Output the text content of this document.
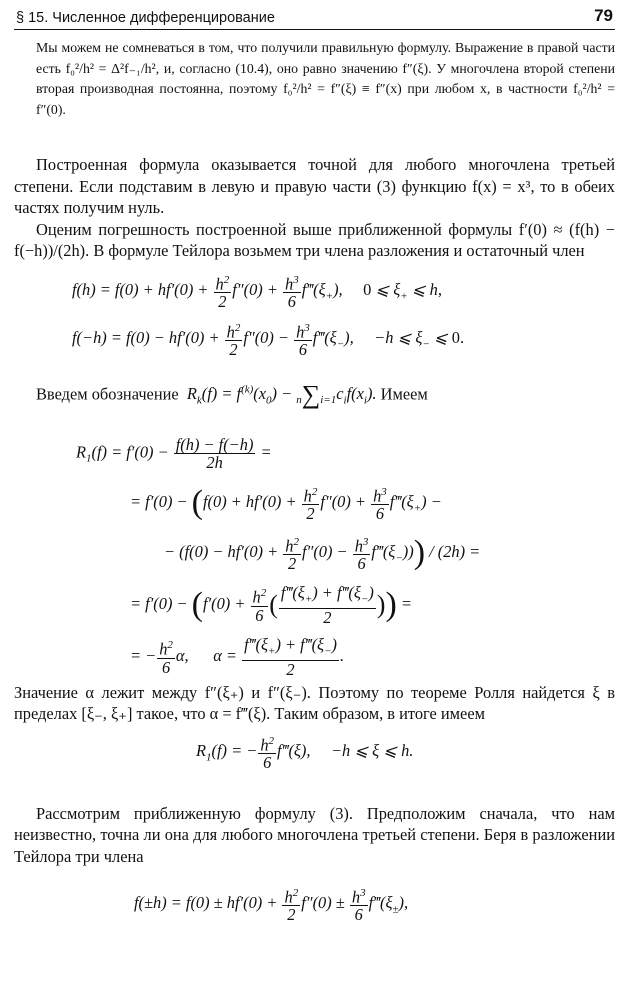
§ 15. Численное дифференцирование	79
Мы можем не сомневаться в том, что получили правильную формулу. Выражение в правой части есть f₀²/h² = Δ²f₋₁/h², и, согласно (10.4), оно равно значению f″(ξ). У многочлена второй степени вторая производная постоянна, поэтому f₀²/h² = f″(ξ) ≡ f″(x) при любом x, в частности f₀²/h² = f″(0).
Построенная формула оказывается точной для любого многочлена третьей степени. Если подставим в левую и правую части (3) функцию f(x) = x³, то в обеих частях получим нуль.
Оценим погрешность построенной выше приближенной формулы f′(0) ≈ (f(h) − f(−h))/(2h). В формуле Тейлора возьмем три члена разложения и остаточный член
$f(h) = f(0) + hf'(0) + \frac{h^2}{2} f''(0) + \frac{h^3}{6}$ $f‴(\xi_+)$,     0 ⩽ $\xi_+$ ⩽ h,
$f(-h) = f(0) - hf'(0) + \frac{h^2}{2} f''(0) - \frac{h^3}{6}$ $f‴(\xi_-)$,     −h ⩽ $\xi_-$ ⩽ 0.
Введем обозначение  $R_k(f) = f^{(k)}(x_0) - n\sum i=1c_if(x_i)$. Имеем
$R_1(f) = f'(0) - \frac{f(h) - f(-h)}{2h}$ =
= $f'(0) - (f(0) + hf'(0) + \frac{h^2}{2} f''(0) + \frac{h^3}{6}$ $f‴(\xi_+)$ −
− ($f(0) - hf'(0) + \frac{h^2}{2} f''(0) - \frac{h^3}{6}$ $f‴(\xi_-))) / (2h)$ =
= $f'(0) - (f'(0) + \frac{h^2}{6}$ ( $\frac{f‴(\xi_+) + f‴(\xi_-)}{2}$ )) =
= − $\frac{h^2}{6} \alpha$,      $\alpha = \frac{f‴(\xi_+) + f‴(\xi_-)}{2}$ .
Значение α лежит между f″(ξ₊) и f″(ξ₋). Поэтому по теореме Ролля найдется ξ в пределах [ξ₋, ξ₊] такое, что α = f‴(ξ). Таким образом, в итоге имеем
$R_1(f)$ = − $\frac{h^2}{6}$ f‴(ξ),     −h ⩽ ξ ⩽ h.
Рассмотрим приближенную формулу (3). Предположим сначала, что нам неизвестно, точна ли она для любого многочлена третьей степени. Беря в разложении Тейлора три члена
$f(\pm h) = f(0) \pm hf'(0) + \frac{h^2}{2} f''(0) \pm \frac{h^3}{6}$ $f‴(\xi_\pm)$,
